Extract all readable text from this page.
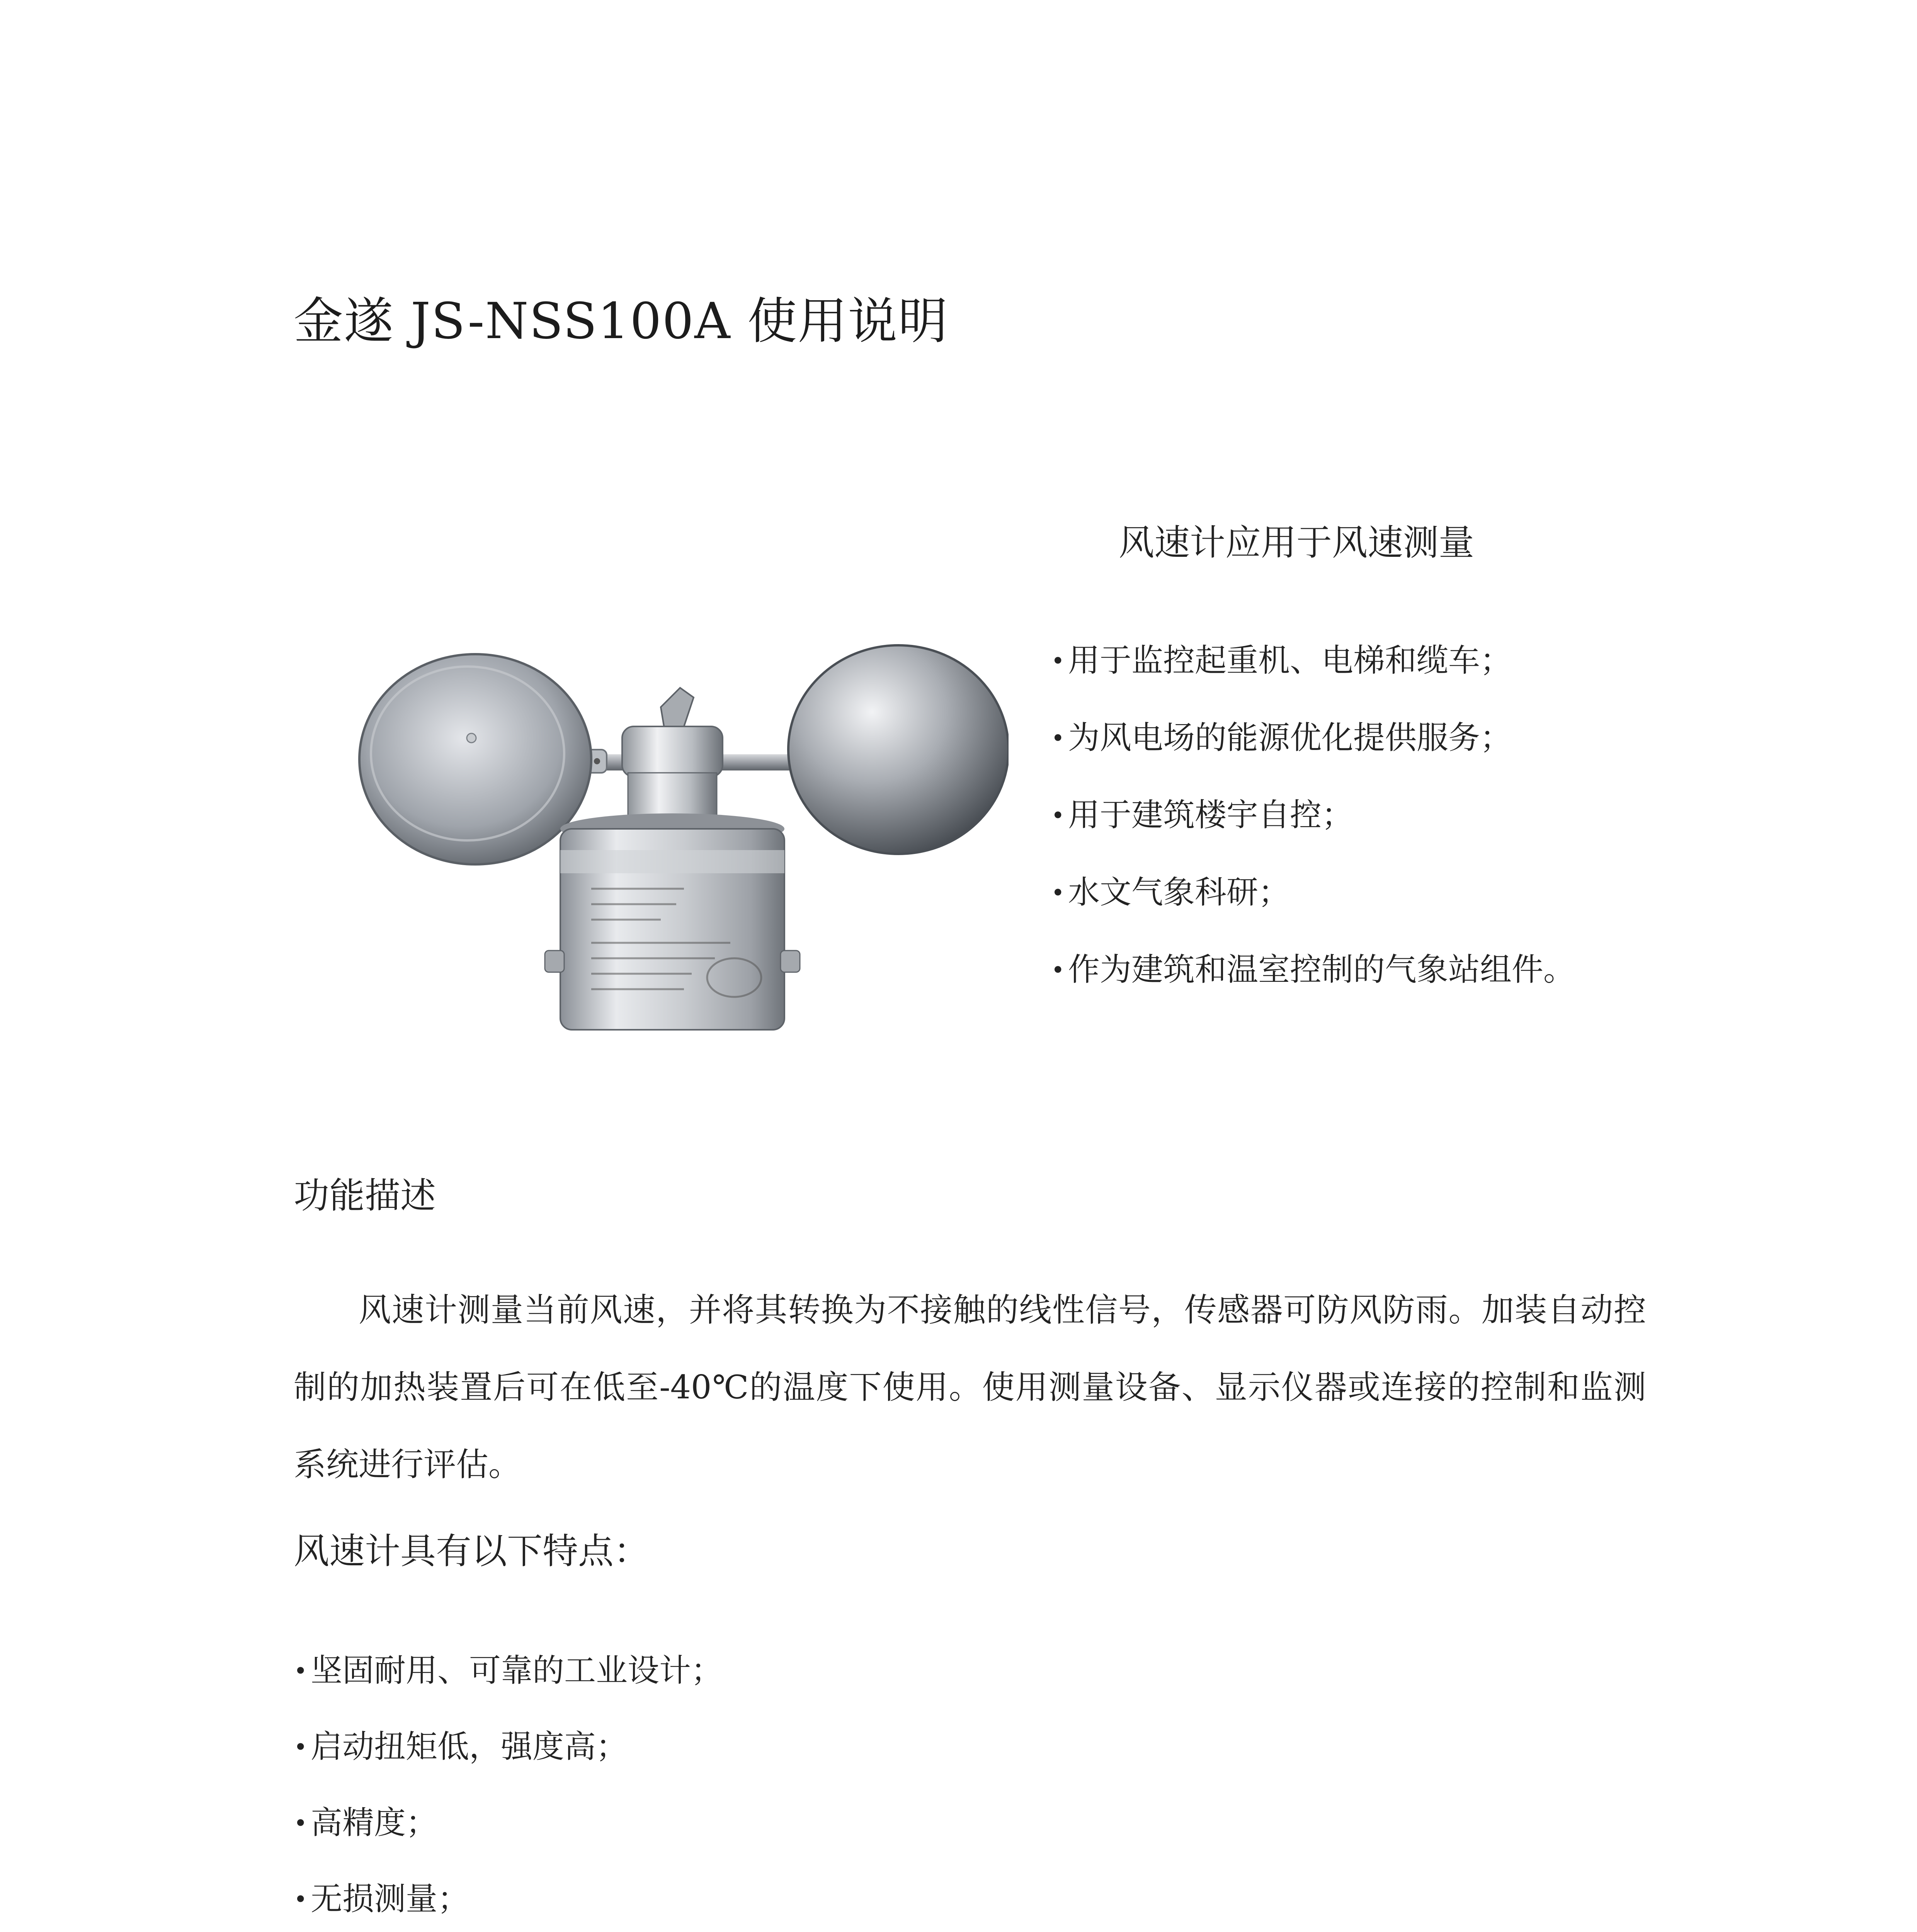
金遂 JS-NSS100A 使用说明
风速计应用于风速测量
• 用于监控起重机、电梯和缆车；
• 为风电场的能源优化提供服务；
• 用于建筑楼宇自控；
• 水文气象科研；
• 作为建筑和温室控制的气象站组件。
功能描述

风速计测量当前风速，并将其转换为不接触的线性信号，传感器可防风防雨。加装自动控制的加热装置后可在低至-40℃的温度下使用。使用测量设备、显示仪器或连接的控制和监测系统进行评估。

风速计具有以下特点：
• 坚固耐用、可靠的工业设计；
• 启动扭矩低，强度高；
• 高精度；
• 无损测量；
